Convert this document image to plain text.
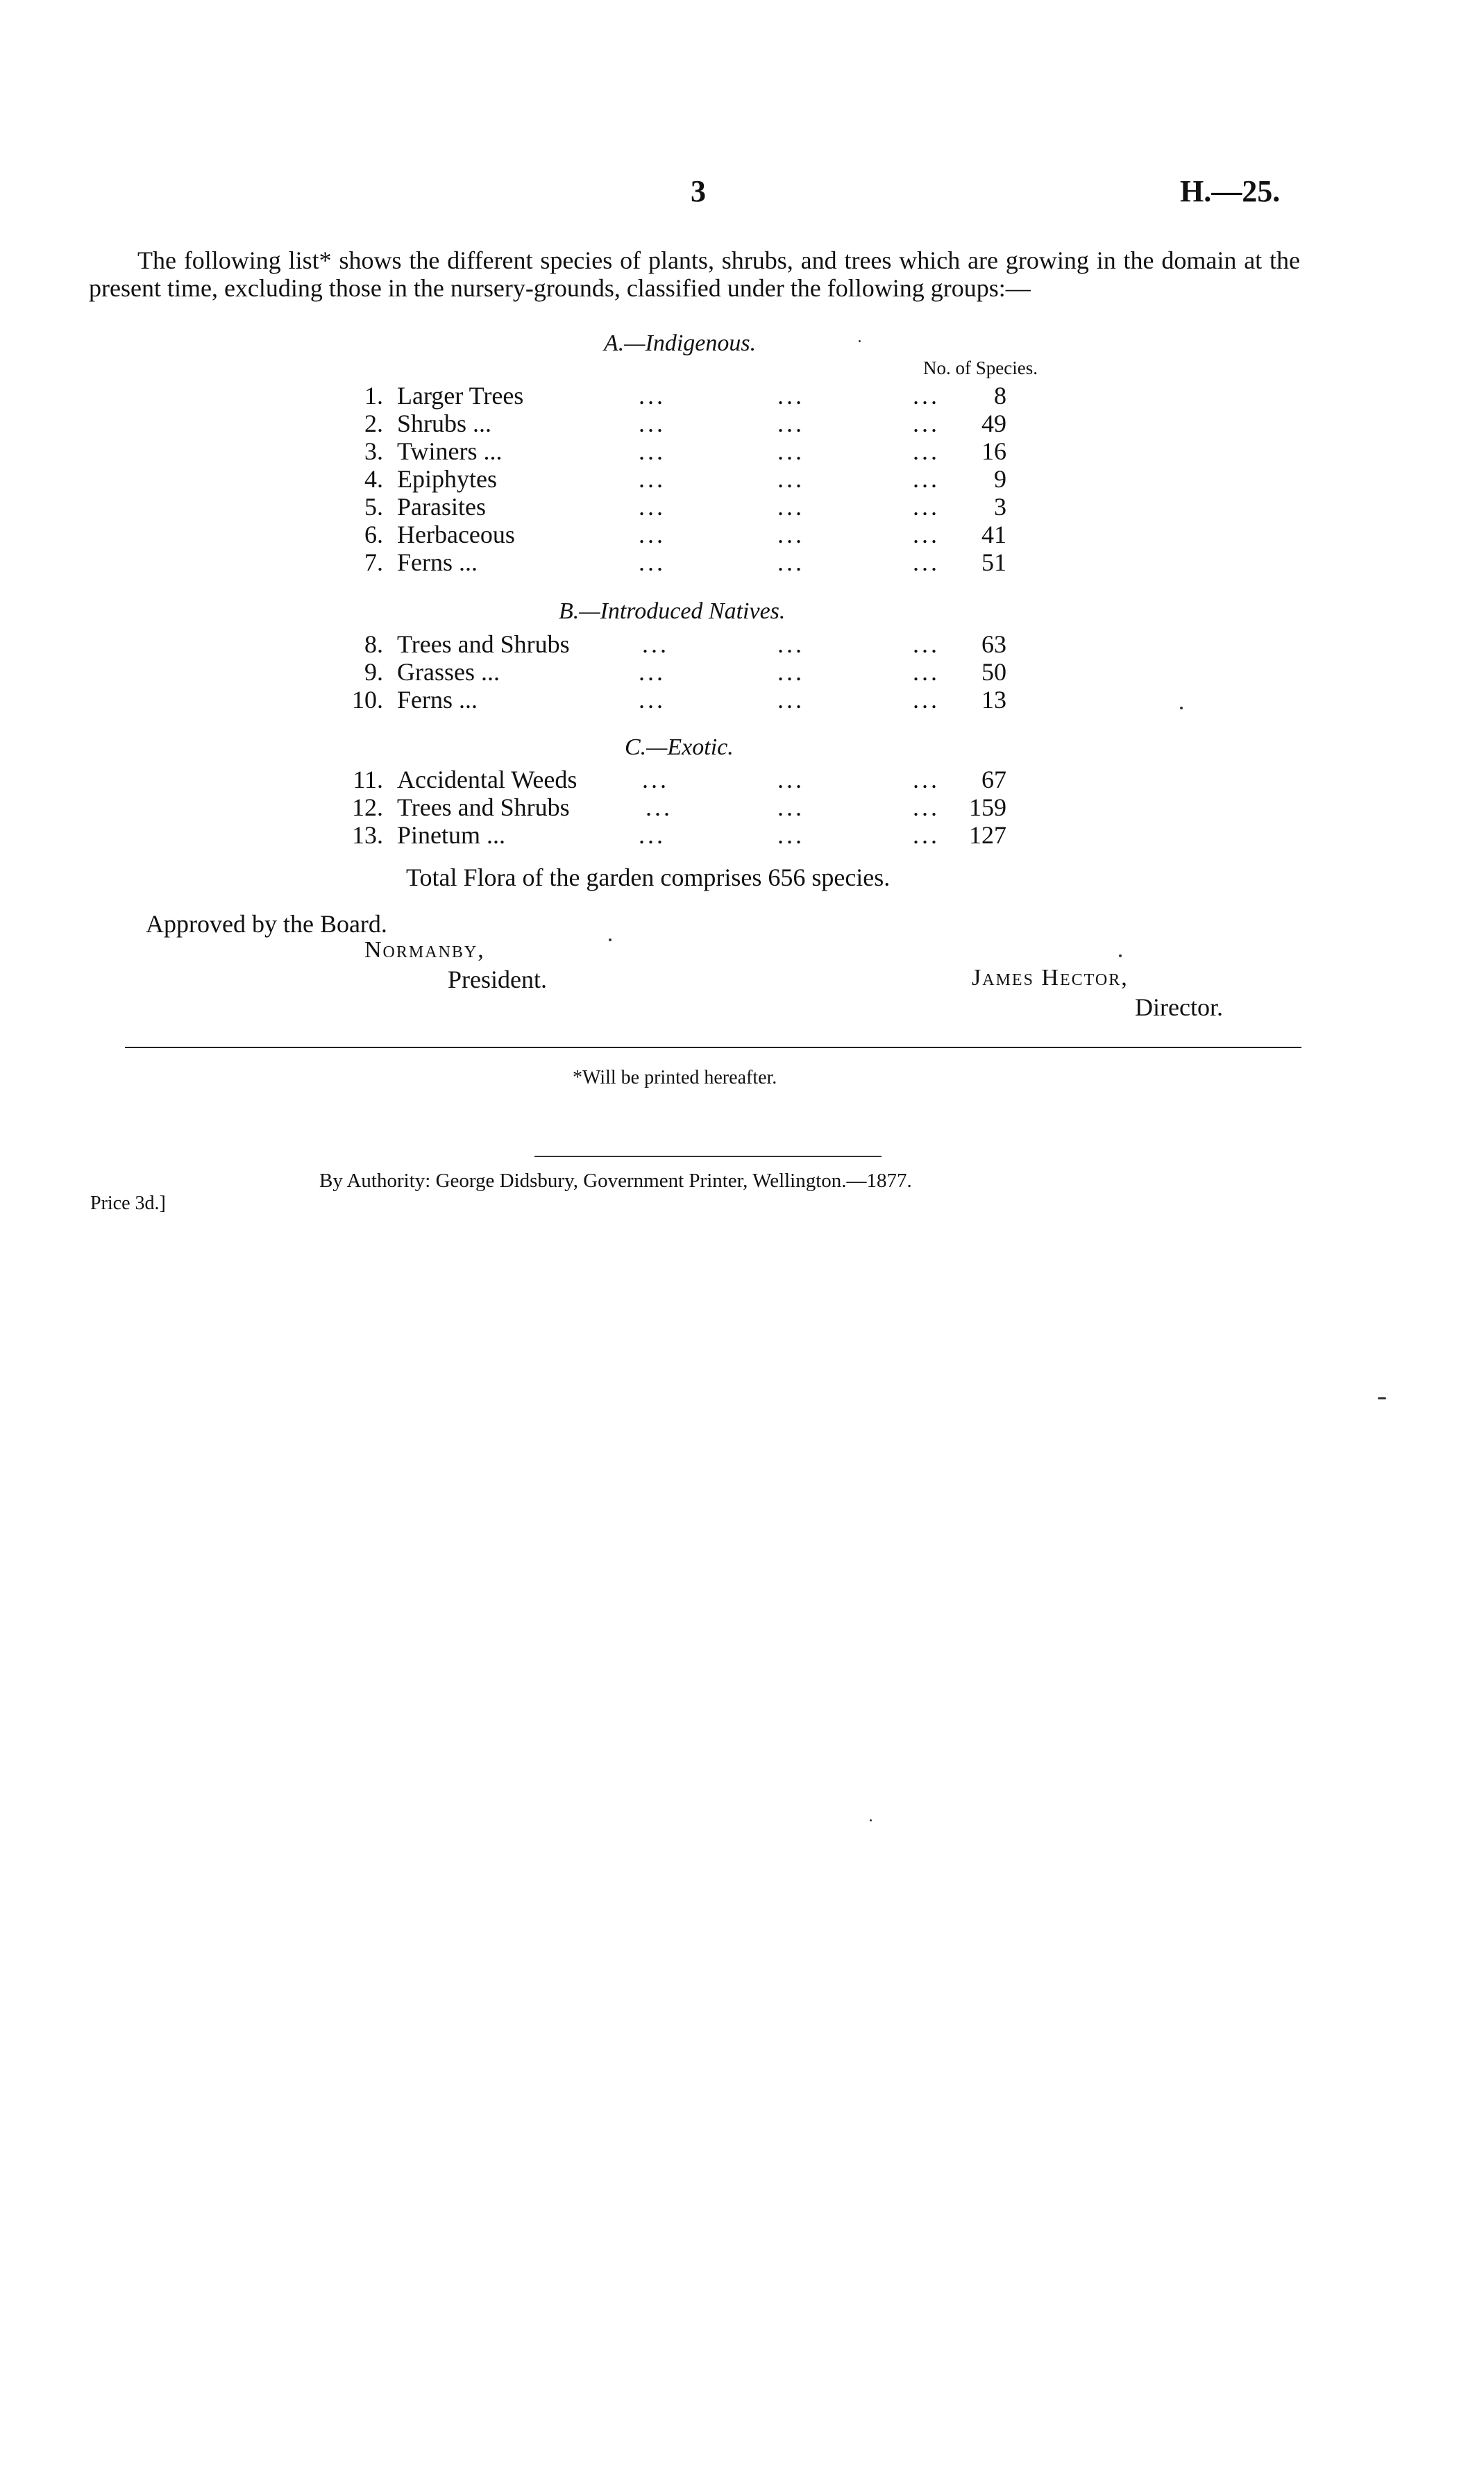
3	H.—25.
The following list* shows the different species of plants, shrubs, and trees which are growing in the domain at the present time, excluding those in the nursery-grounds, classified under the following groups:—
A.—Indigenous.
No. of Species.
1. Larger Trees	...	...	... 8
2. Shrubs ...	...	...	... 49
3. Twiners ...	...	...	... 16
4. Epiphytes	...	...	... 9
5. Parasites	...	...	... 3
6. Herbaceous	...	...	... 41
7. Ferns ...	...	...	... 51
B.—Introduced Natives.
8. Trees and Shrubs	...	...	... 63
9. Grasses ...	...	...	... 50
10. Ferns ...	...	...	... 13
C.—Exotic.
11. Accidental Weeds	...	...	... 67
12. Trees and Shrubs	...	...	... 159
13. Pinetum ...	...	...	... 127
Total Flora of the garden comprises 656 species.
Approved by the Board.
Normanby,
President.	James Hector,
Director.
*Will be printed hereafter.
By Authority: George Didsbury, Government Printer, Wellington.—1877.
Price 3d.]
